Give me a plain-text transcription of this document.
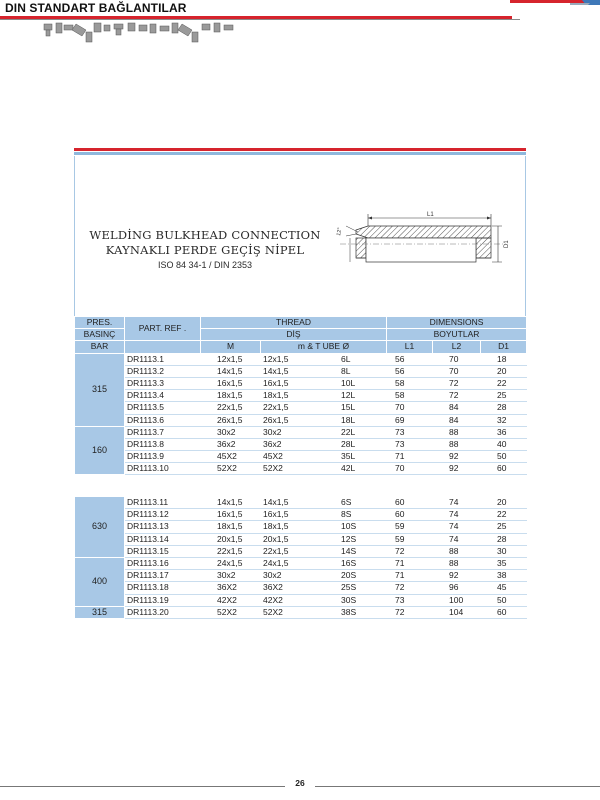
DIN STANDART BAĞLANTILAR
WELDİNG BULKHEAD CONNECTION
KAYNAKLI PERDE GEÇİŞ NİPEL
ISO 84 34-1 / DIN 2353
L1
12°
D1
PRES.	PART. REF .	THREAD			DIMENSIONS		
BASINÇ		DİŞ			BOYUTLAR		
BAR		M	m & T UBE Ø		L1	L2	D1
315	DR1113.1	12x1,5	12x1,5	6L	56	70	18
	DR1113.2	14x1,5	14x1,5	8L	56	70	20
	DR1113.3	16x1,5	16x1,5	10L	58	72	22
	DR1113.4	18x1,5	18x1,5	12L	58	72	25
	DR1113.5	22x1,5	22x1,5	15L	70	84	28
	DR1113.6	26x1,5	26x1,5	18L	69	84	32
160	DR1113.7	30x2	30x2	22L	73	88	36
	DR1113.8	36x2	36x2	28L	73	88	40
	DR1113.9	45X2	45X2	35L	71	92	50
	DR1113.10	52X2	52X2	42L	70	92	60
630	DR1113.11	14x1,5	14x1,5	6S	60	74	20
	DR1113.12	16x1,5	16x1,5	8S	60	74	22
	DR1113.13	18x1,5	18x1,5	10S	59	74	25
	DR1113.14	20x1,5	20x1,5	12S	59	74	28
	DR1113.15	22x1,5	22x1,5	14S	72	88	30
400	DR1113.16	24x1,5	24x1,5	16S	71	88	35
	DR1113.17	30x2	30x2	20S	71	92	38
	DR1113.18	36X2	36X2	25S	72	96	45
	DR1113.19	42X2	42X2	30S	73	100	50
315	DR1113.20	52X2	52X2	38S	72	104	60
26
